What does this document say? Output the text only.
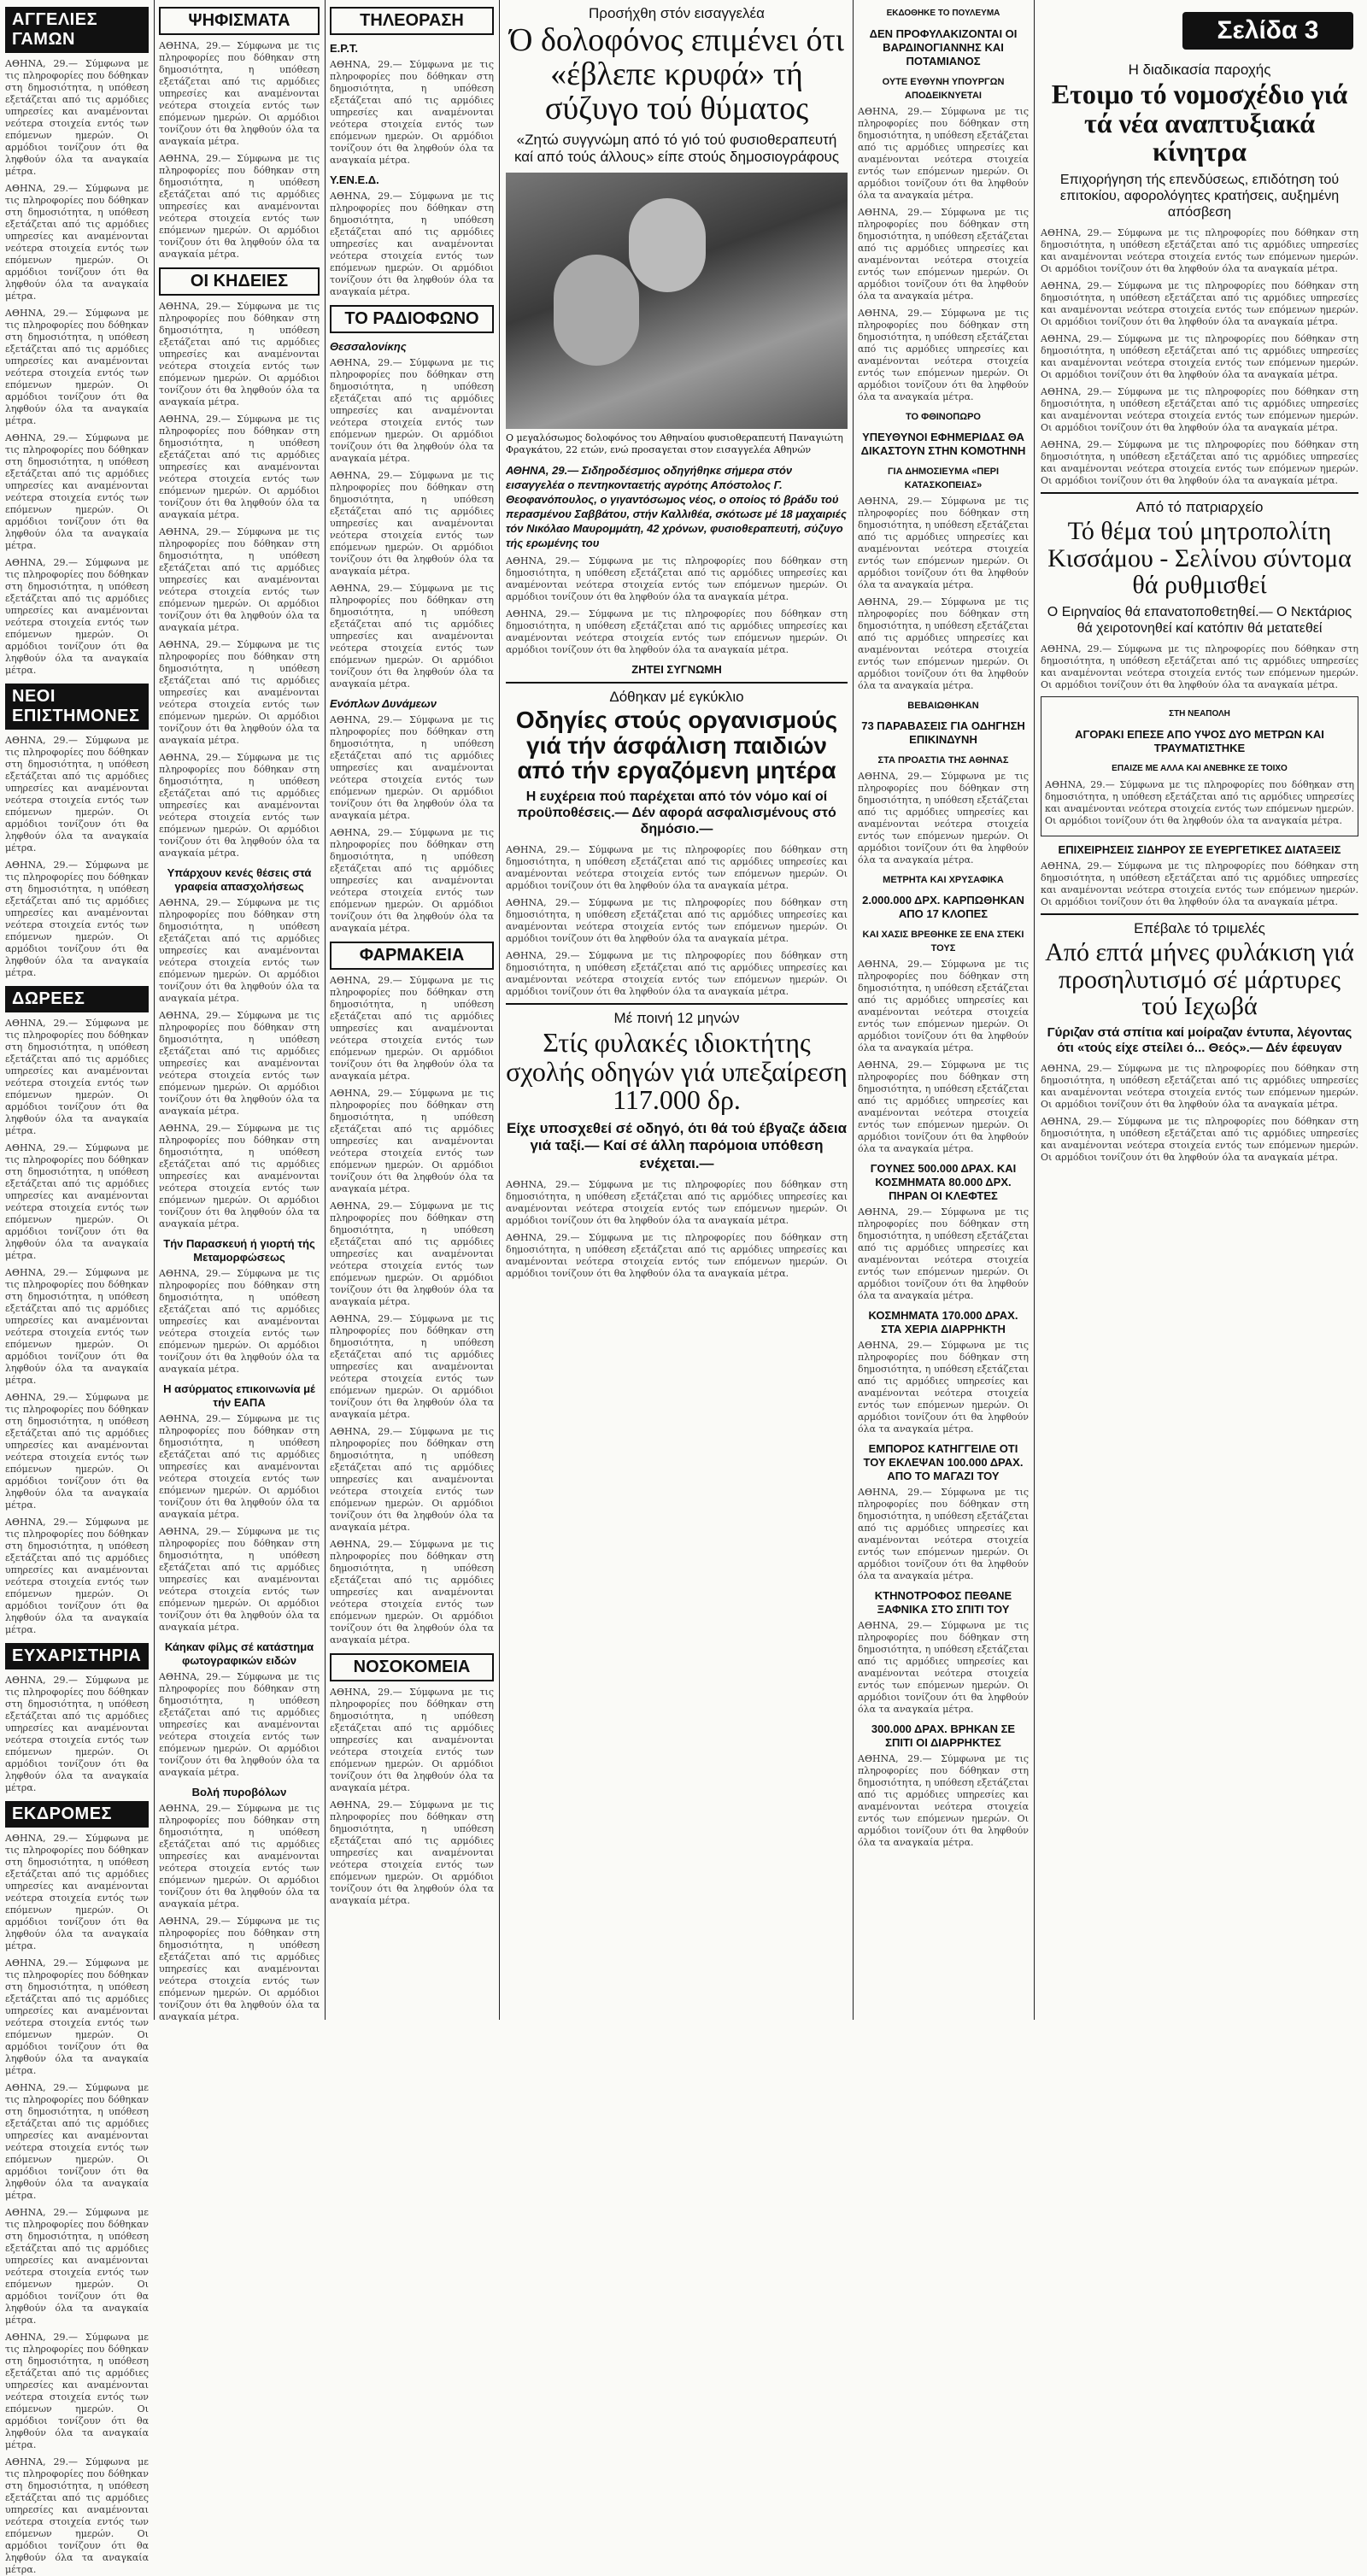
ΑΓΓΕΛΙΕΣ ΓΑΜΩΝ

ΑΘΗΝΑ, 29.— Σύμφωνα με τις πληροφορίες που δόθηκαν στη δημοσιότητα, η υπόθεση εξετάζεται από τις αρμόδιες υπηρεσίες και αναμένονται νεότερα στοιχεία εντός των επόμενων ημερών. Οι αρμόδιοι τονίζουν ότι θα ληφθούν όλα τα αναγκαία μέτρα.

ΑΘΗΝΑ, 29.— Σύμφωνα με τις πληροφορίες που δόθηκαν στη δημοσιότητα, η υπόθεση εξετάζεται από τις αρμόδιες υπηρεσίες και αναμένονται νεότερα στοιχεία εντός των επόμενων ημερών. Οι αρμόδιοι τονίζουν ότι θα ληφθούν όλα τα αναγκαία μέτρα.

ΑΘΗΝΑ, 29.— Σύμφωνα με τις πληροφορίες που δόθηκαν στη δημοσιότητα, η υπόθεση εξετάζεται από τις αρμόδιες υπηρεσίες και αναμένονται νεότερα στοιχεία εντός των επόμενων ημερών. Οι αρμόδιοι τονίζουν ότι θα ληφθούν όλα τα αναγκαία μέτρα.

ΑΘΗΝΑ, 29.— Σύμφωνα με τις πληροφορίες που δόθηκαν στη δημοσιότητα, η υπόθεση εξετάζεται από τις αρμόδιες υπηρεσίες και αναμένονται νεότερα στοιχεία εντός των επόμενων ημερών. Οι αρμόδιοι τονίζουν ότι θα ληφθούν όλα τα αναγκαία μέτρα.

ΑΘΗΝΑ, 29.— Σύμφωνα με τις πληροφορίες που δόθηκαν στη δημοσιότητα, η υπόθεση εξετάζεται από τις αρμόδιες υπηρεσίες και αναμένονται νεότερα στοιχεία εντός των επόμενων ημερών. Οι αρμόδιοι τονίζουν ότι θα ληφθούν όλα τα αναγκαία μέτρα.

ΝΕΟΙ ΕΠΙΣΤΗΜΟΝΕΣ

ΑΘΗΝΑ, 29.— Σύμφωνα με τις πληροφορίες που δόθηκαν στη δημοσιότητα, η υπόθεση εξετάζεται από τις αρμόδιες υπηρεσίες και αναμένονται νεότερα στοιχεία εντός των επόμενων ημερών. Οι αρμόδιοι τονίζουν ότι θα ληφθούν όλα τα αναγκαία μέτρα.

ΑΘΗΝΑ, 29.— Σύμφωνα με τις πληροφορίες που δόθηκαν στη δημοσιότητα, η υπόθεση εξετάζεται από τις αρμόδιες υπηρεσίες και αναμένονται νεότερα στοιχεία εντός των επόμενων ημερών. Οι αρμόδιοι τονίζουν ότι θα ληφθούν όλα τα αναγκαία μέτρα.

ΔΩΡΕΕΣ

ΑΘΗΝΑ, 29.— Σύμφωνα με τις πληροφορίες που δόθηκαν στη δημοσιότητα, η υπόθεση εξετάζεται από τις αρμόδιες υπηρεσίες και αναμένονται νεότερα στοιχεία εντός των επόμενων ημερών. Οι αρμόδιοι τονίζουν ότι θα ληφθούν όλα τα αναγκαία μέτρα.

ΑΘΗΝΑ, 29.— Σύμφωνα με τις πληροφορίες που δόθηκαν στη δημοσιότητα, η υπόθεση εξετάζεται από τις αρμόδιες υπηρεσίες και αναμένονται νεότερα στοιχεία εντός των επόμενων ημερών. Οι αρμόδιοι τονίζουν ότι θα ληφθούν όλα τα αναγκαία μέτρα.

ΑΘΗΝΑ, 29.— Σύμφωνα με τις πληροφορίες που δόθηκαν στη δημοσιότητα, η υπόθεση εξετάζεται από τις αρμόδιες υπηρεσίες και αναμένονται νεότερα στοιχεία εντός των επόμενων ημερών. Οι αρμόδιοι τονίζουν ότι θα ληφθούν όλα τα αναγκαία μέτρα.

ΑΘΗΝΑ, 29.— Σύμφωνα με τις πληροφορίες που δόθηκαν στη δημοσιότητα, η υπόθεση εξετάζεται από τις αρμόδιες υπηρεσίες και αναμένονται νεότερα στοιχεία εντός των επόμενων ημερών. Οι αρμόδιοι τονίζουν ότι θα ληφθούν όλα τα αναγκαία μέτρα.

ΑΘΗΝΑ, 29.— Σύμφωνα με τις πληροφορίες που δόθηκαν στη δημοσιότητα, η υπόθεση εξετάζεται από τις αρμόδιες υπηρεσίες και αναμένονται νεότερα στοιχεία εντός των επόμενων ημερών. Οι αρμόδιοι τονίζουν ότι θα ληφθούν όλα τα αναγκαία μέτρα.

ΕΥΧΑΡΙΣΤΗΡΙΑ

ΑΘΗΝΑ, 29.— Σύμφωνα με τις πληροφορίες που δόθηκαν στη δημοσιότητα, η υπόθεση εξετάζεται από τις αρμόδιες υπηρεσίες και αναμένονται νεότερα στοιχεία εντός των επόμενων ημερών. Οι αρμόδιοι τονίζουν ότι θα ληφθούν όλα τα αναγκαία μέτρα.

ΕΚΔΡΟΜΕΣ

ΑΘΗΝΑ, 29.— Σύμφωνα με τις πληροφορίες που δόθηκαν στη δημοσιότητα, η υπόθεση εξετάζεται από τις αρμόδιες υπηρεσίες και αναμένονται νεότερα στοιχεία εντός των επόμενων ημερών. Οι αρμόδιοι τονίζουν ότι θα ληφθούν όλα τα αναγκαία μέτρα.

ΑΘΗΝΑ, 29.— Σύμφωνα με τις πληροφορίες που δόθηκαν στη δημοσιότητα, η υπόθεση εξετάζεται από τις αρμόδιες υπηρεσίες και αναμένονται νεότερα στοιχεία εντός των επόμενων ημερών. Οι αρμόδιοι τονίζουν ότι θα ληφθούν όλα τα αναγκαία μέτρα.

ΑΘΗΝΑ, 29.— Σύμφωνα με τις πληροφορίες που δόθηκαν στη δημοσιότητα, η υπόθεση εξετάζεται από τις αρμόδιες υπηρεσίες και αναμένονται νεότερα στοιχεία εντός των επόμενων ημερών. Οι αρμόδιοι τονίζουν ότι θα ληφθούν όλα τα αναγκαία μέτρα.

ΑΘΗΝΑ, 29.— Σύμφωνα με τις πληροφορίες που δόθηκαν στη δημοσιότητα, η υπόθεση εξετάζεται από τις αρμόδιες υπηρεσίες και αναμένονται νεότερα στοιχεία εντός των επόμενων ημερών. Οι αρμόδιοι τονίζουν ότι θα ληφθούν όλα τα αναγκαία μέτρα.

ΑΘΗΝΑ, 29.— Σύμφωνα με τις πληροφορίες που δόθηκαν στη δημοσιότητα, η υπόθεση εξετάζεται από τις αρμόδιες υπηρεσίες και αναμένονται νεότερα στοιχεία εντός των επόμενων ημερών. Οι αρμόδιοι τονίζουν ότι θα ληφθούν όλα τα αναγκαία μέτρα.

ΑΘΗΝΑ, 29.— Σύμφωνα με τις πληροφορίες που δόθηκαν στη δημοσιότητα, η υπόθεση εξετάζεται από τις αρμόδιες υπηρεσίες και αναμένονται νεότερα στοιχεία εντός των επόμενων ημερών. Οι αρμόδιοι τονίζουν ότι θα ληφθούν όλα τα αναγκαία μέτρα.

ΨΗΦΙΣΜΑΤΑ

ΑΘΗΝΑ, 29.— Σύμφωνα με τις πληροφορίες που δόθηκαν στη δημοσιότητα, η υπόθεση εξετάζεται από τις αρμόδιες υπηρεσίες και αναμένονται νεότερα στοιχεία εντός των επόμενων ημερών. Οι αρμόδιοι τονίζουν ότι θα ληφθούν όλα τα αναγκαία μέτρα.

ΑΘΗΝΑ, 29.— Σύμφωνα με τις πληροφορίες που δόθηκαν στη δημοσιότητα, η υπόθεση εξετάζεται από τις αρμόδιες υπηρεσίες και αναμένονται νεότερα στοιχεία εντός των επόμενων ημερών. Οι αρμόδιοι τονίζουν ότι θα ληφθούν όλα τα αναγκαία μέτρα.

ΟΙ ΚΗΔΕΙΕΣ

ΑΘΗΝΑ, 29.— Σύμφωνα με τις πληροφορίες που δόθηκαν στη δημοσιότητα, η υπόθεση εξετάζεται από τις αρμόδιες υπηρεσίες και αναμένονται νεότερα στοιχεία εντός των επόμενων ημερών. Οι αρμόδιοι τονίζουν ότι θα ληφθούν όλα τα αναγκαία μέτρα.

ΑΘΗΝΑ, 29.— Σύμφωνα με τις πληροφορίες που δόθηκαν στη δημοσιότητα, η υπόθεση εξετάζεται από τις αρμόδιες υπηρεσίες και αναμένονται νεότερα στοιχεία εντός των επόμενων ημερών. Οι αρμόδιοι τονίζουν ότι θα ληφθούν όλα τα αναγκαία μέτρα.

ΑΘΗΝΑ, 29.— Σύμφωνα με τις πληροφορίες που δόθηκαν στη δημοσιότητα, η υπόθεση εξετάζεται από τις αρμόδιες υπηρεσίες και αναμένονται νεότερα στοιχεία εντός των επόμενων ημερών. Οι αρμόδιοι τονίζουν ότι θα ληφθούν όλα τα αναγκαία μέτρα.

ΑΘΗΝΑ, 29.— Σύμφωνα με τις πληροφορίες που δόθηκαν στη δημοσιότητα, η υπόθεση εξετάζεται από τις αρμόδιες υπηρεσίες και αναμένονται νεότερα στοιχεία εντός των επόμενων ημερών. Οι αρμόδιοι τονίζουν ότι θα ληφθούν όλα τα αναγκαία μέτρα.

ΑΘΗΝΑ, 29.— Σύμφωνα με τις πληροφορίες που δόθηκαν στη δημοσιότητα, η υπόθεση εξετάζεται από τις αρμόδιες υπηρεσίες και αναμένονται νεότερα στοιχεία εντός των επόμενων ημερών. Οι αρμόδιοι τονίζουν ότι θα ληφθούν όλα τα αναγκαία μέτρα.

Υπάρχουν κενές θέσεις στά γραφεία απασχολήσεως

ΑΘΗΝΑ, 29.— Σύμφωνα με τις πληροφορίες που δόθηκαν στη δημοσιότητα, η υπόθεση εξετάζεται από τις αρμόδιες υπηρεσίες και αναμένονται νεότερα στοιχεία εντός των επόμενων ημερών. Οι αρμόδιοι τονίζουν ότι θα ληφθούν όλα τα αναγκαία μέτρα.

ΑΘΗΝΑ, 29.— Σύμφωνα με τις πληροφορίες που δόθηκαν στη δημοσιότητα, η υπόθεση εξετάζεται από τις αρμόδιες υπηρεσίες και αναμένονται νεότερα στοιχεία εντός των επόμενων ημερών. Οι αρμόδιοι τονίζουν ότι θα ληφθούν όλα τα αναγκαία μέτρα.

ΑΘΗΝΑ, 29.— Σύμφωνα με τις πληροφορίες που δόθηκαν στη δημοσιότητα, η υπόθεση εξετάζεται από τις αρμόδιες υπηρεσίες και αναμένονται νεότερα στοιχεία εντός των επόμενων ημερών. Οι αρμόδιοι τονίζουν ότι θα ληφθούν όλα τα αναγκαία μέτρα.

Τήν Παρασκευή ή γιορτή τής Μεταμορφώσεως

ΑΘΗΝΑ, 29.— Σύμφωνα με τις πληροφορίες που δόθηκαν στη δημοσιότητα, η υπόθεση εξετάζεται από τις αρμόδιες υπηρεσίες και αναμένονται νεότερα στοιχεία εντός των επόμενων ημερών. Οι αρμόδιοι τονίζουν ότι θα ληφθούν όλα τα αναγκαία μέτρα.

Η ασύρματος επικοινωνία μέ τήν ΕΑΠΑ

ΑΘΗΝΑ, 29.— Σύμφωνα με τις πληροφορίες που δόθηκαν στη δημοσιότητα, η υπόθεση εξετάζεται από τις αρμόδιες υπηρεσίες και αναμένονται νεότερα στοιχεία εντός των επόμενων ημερών. Οι αρμόδιοι τονίζουν ότι θα ληφθούν όλα τα αναγκαία μέτρα.

ΑΘΗΝΑ, 29.— Σύμφωνα με τις πληροφορίες που δόθηκαν στη δημοσιότητα, η υπόθεση εξετάζεται από τις αρμόδιες υπηρεσίες και αναμένονται νεότερα στοιχεία εντός των επόμενων ημερών. Οι αρμόδιοι τονίζουν ότι θα ληφθούν όλα τα αναγκαία μέτρα.

Κάηκαν φίλμς σέ κατάστημα φωτογραφικών ειδών

ΑΘΗΝΑ, 29.— Σύμφωνα με τις πληροφορίες που δόθηκαν στη δημοσιότητα, η υπόθεση εξετάζεται από τις αρμόδιες υπηρεσίες και αναμένονται νεότερα στοιχεία εντός των επόμενων ημερών. Οι αρμόδιοι τονίζουν ότι θα ληφθούν όλα τα αναγκαία μέτρα.

Βολή πυροβόλων

ΑΘΗΝΑ, 29.— Σύμφωνα με τις πληροφορίες που δόθηκαν στη δημοσιότητα, η υπόθεση εξετάζεται από τις αρμόδιες υπηρεσίες και αναμένονται νεότερα στοιχεία εντός των επόμενων ημερών. Οι αρμόδιοι τονίζουν ότι θα ληφθούν όλα τα αναγκαία μέτρα.

ΑΘΗΝΑ, 29.— Σύμφωνα με τις πληροφορίες που δόθηκαν στη δημοσιότητα, η υπόθεση εξετάζεται από τις αρμόδιες υπηρεσίες και αναμένονται νεότερα στοιχεία εντός των επόμενων ημερών. Οι αρμόδιοι τονίζουν ότι θα ληφθούν όλα τα αναγκαία μέτρα.

ΤΗΛΕΟΡΑΣΗ
Ε.Ρ.Τ.

ΑΘΗΝΑ, 29.— Σύμφωνα με τις πληροφορίες που δόθηκαν στη δημοσιότητα, η υπόθεση εξετάζεται από τις αρμόδιες υπηρεσίες και αναμένονται νεότερα στοιχεία εντός των επόμενων ημερών. Οι αρμόδιοι τονίζουν ότι θα ληφθούν όλα τα αναγκαία μέτρα.

Υ.ΕΝ.Ε.Δ.

ΑΘΗΝΑ, 29.— Σύμφωνα με τις πληροφορίες που δόθηκαν στη δημοσιότητα, η υπόθεση εξετάζεται από τις αρμόδιες υπηρεσίες και αναμένονται νεότερα στοιχεία εντός των επόμενων ημερών. Οι αρμόδιοι τονίζουν ότι θα ληφθούν όλα τα αναγκαία μέτρα.

ΤΟ ΡΑΔΙΟΦΩΝΟ
Θεσσαλονίκης

ΑΘΗΝΑ, 29.— Σύμφωνα με τις πληροφορίες που δόθηκαν στη δημοσιότητα, η υπόθεση εξετάζεται από τις αρμόδιες υπηρεσίες και αναμένονται νεότερα στοιχεία εντός των επόμενων ημερών. Οι αρμόδιοι τονίζουν ότι θα ληφθούν όλα τα αναγκαία μέτρα.

ΑΘΗΝΑ, 29.— Σύμφωνα με τις πληροφορίες που δόθηκαν στη δημοσιότητα, η υπόθεση εξετάζεται από τις αρμόδιες υπηρεσίες και αναμένονται νεότερα στοιχεία εντός των επόμενων ημερών. Οι αρμόδιοι τονίζουν ότι θα ληφθούν όλα τα αναγκαία μέτρα.

ΑΘΗΝΑ, 29.— Σύμφωνα με τις πληροφορίες που δόθηκαν στη δημοσιότητα, η υπόθεση εξετάζεται από τις αρμόδιες υπηρεσίες και αναμένονται νεότερα στοιχεία εντός των επόμενων ημερών. Οι αρμόδιοι τονίζουν ότι θα ληφθούν όλα τα αναγκαία μέτρα.

Ενόπλων Δυνάμεων

ΑΘΗΝΑ, 29.— Σύμφωνα με τις πληροφορίες που δόθηκαν στη δημοσιότητα, η υπόθεση εξετάζεται από τις αρμόδιες υπηρεσίες και αναμένονται νεότερα στοιχεία εντός των επόμενων ημερών. Οι αρμόδιοι τονίζουν ότι θα ληφθούν όλα τα αναγκαία μέτρα.

ΑΘΗΝΑ, 29.— Σύμφωνα με τις πληροφορίες που δόθηκαν στη δημοσιότητα, η υπόθεση εξετάζεται από τις αρμόδιες υπηρεσίες και αναμένονται νεότερα στοιχεία εντός των επόμενων ημερών. Οι αρμόδιοι τονίζουν ότι θα ληφθούν όλα τα αναγκαία μέτρα.

ΦΑΡΜΑΚΕΙΑ

ΑΘΗΝΑ, 29.— Σύμφωνα με τις πληροφορίες που δόθηκαν στη δημοσιότητα, η υπόθεση εξετάζεται από τις αρμόδιες υπηρεσίες και αναμένονται νεότερα στοιχεία εντός των επόμενων ημερών. Οι αρμόδιοι τονίζουν ότι θα ληφθούν όλα τα αναγκαία μέτρα.

ΑΘΗΝΑ, 29.— Σύμφωνα με τις πληροφορίες που δόθηκαν στη δημοσιότητα, η υπόθεση εξετάζεται από τις αρμόδιες υπηρεσίες και αναμένονται νεότερα στοιχεία εντός των επόμενων ημερών. Οι αρμόδιοι τονίζουν ότι θα ληφθούν όλα τα αναγκαία μέτρα.

ΑΘΗΝΑ, 29.— Σύμφωνα με τις πληροφορίες που δόθηκαν στη δημοσιότητα, η υπόθεση εξετάζεται από τις αρμόδιες υπηρεσίες και αναμένονται νεότερα στοιχεία εντός των επόμενων ημερών. Οι αρμόδιοι τονίζουν ότι θα ληφθούν όλα τα αναγκαία μέτρα.

ΑΘΗΝΑ, 29.— Σύμφωνα με τις πληροφορίες που δόθηκαν στη δημοσιότητα, η υπόθεση εξετάζεται από τις αρμόδιες υπηρεσίες και αναμένονται νεότερα στοιχεία εντός των επόμενων ημερών. Οι αρμόδιοι τονίζουν ότι θα ληφθούν όλα τα αναγκαία μέτρα.

ΑΘΗΝΑ, 29.— Σύμφωνα με τις πληροφορίες που δόθηκαν στη δημοσιότητα, η υπόθεση εξετάζεται από τις αρμόδιες υπηρεσίες και αναμένονται νεότερα στοιχεία εντός των επόμενων ημερών. Οι αρμόδιοι τονίζουν ότι θα ληφθούν όλα τα αναγκαία μέτρα.

ΑΘΗΝΑ, 29.— Σύμφωνα με τις πληροφορίες που δόθηκαν στη δημοσιότητα, η υπόθεση εξετάζεται από τις αρμόδιες υπηρεσίες και αναμένονται νεότερα στοιχεία εντός των επόμενων ημερών. Οι αρμόδιοι τονίζουν ότι θα ληφθούν όλα τα αναγκαία μέτρα.

ΝΟΣΟΚΟΜΕΙΑ

ΑΘΗΝΑ, 29.— Σύμφωνα με τις πληροφορίες που δόθηκαν στη δημοσιότητα, η υπόθεση εξετάζεται από τις αρμόδιες υπηρεσίες και αναμένονται νεότερα στοιχεία εντός των επόμενων ημερών. Οι αρμόδιοι τονίζουν ότι θα ληφθούν όλα τα αναγκαία μέτρα.

ΑΘΗΝΑ, 29.— Σύμφωνα με τις πληροφορίες που δόθηκαν στη δημοσιότητα, η υπόθεση εξετάζεται από τις αρμόδιες υπηρεσίες και αναμένονται νεότερα στοιχεία εντός των επόμενων ημερών. Οι αρμόδιοι τονίζουν ότι θα ληφθούν όλα τα αναγκαία μέτρα.

Προσήχθη στόν εισαγγελέα
Ό δολοφόνος επιμένει ότι «έβλεπε κρυφά» τή σύζυγο τού θύματος
«Ζητώ συγγνώμη από τό γιό τού φυσιοθεραπευτή καί από τούς άλλους» είπε στούς δημοσιογράφους
Ο μεγαλόσωμος δολοφόνος του Αθηναίου φυσιοθεραπευτή Παναγιώτη Φραγκάτου, 22 ετών, ενώ προσαγεται στον εισαγγελέα Αθηνών
ΑΘΗΝΑ, 29.— Σιδηροδέσμιος οδηγήθηκε σήμερα στόν εισαγγελέα ο πεντηκονταετής αγρότης Απόστολος Γ. Θεοφανόπουλος, ο γιγαντόσωμος νέος, ο οποίος τό βράδυ τού περασμένου Σαββάτου, στήν Καλλιθέα, σκότωσε μέ 18 μαχαιριές τόν Νικόλαο Μαυρομμάτη, 42 χρόνων, φυσιοθεραπευτή, σύζυγο τής ερωμένης του

ΑΘΗΝΑ, 29.— Σύμφωνα με τις πληροφορίες που δόθηκαν στη δημοσιότητα, η υπόθεση εξετάζεται από τις αρμόδιες υπηρεσίες και αναμένονται νεότερα στοιχεία εντός των επόμενων ημερών. Οι αρμόδιοι τονίζουν ότι θα ληφθούν όλα τα αναγκαία μέτρα.

ΑΘΗΝΑ, 29.— Σύμφωνα με τις πληροφορίες που δόθηκαν στη δημοσιότητα, η υπόθεση εξετάζεται από τις αρμόδιες υπηρεσίες και αναμένονται νεότερα στοιχεία εντός των επόμενων ημερών. Οι αρμόδιοι τονίζουν ότι θα ληφθούν όλα τα αναγκαία μέτρα.

ΖΗΤΕΙ ΣΥΓΝΩΜΗ
Δόθηκαν μέ εγκύκλιο
Οδηγίες στούς οργανισμούς γιά τήν άσφάλιση παιδιών από τήν εργαζόμενη μητέρα
Η ευχέρεια πού παρέχεται από τόν νόμο καί οί προϋποθέσεις.— Δέν αφορά ασφαλισμένους στό δημόσιο.—

ΑΘΗΝΑ, 29.— Σύμφωνα με τις πληροφορίες που δόθηκαν στη δημοσιότητα, η υπόθεση εξετάζεται από τις αρμόδιες υπηρεσίες και αναμένονται νεότερα στοιχεία εντός των επόμενων ημερών. Οι αρμόδιοι τονίζουν ότι θα ληφθούν όλα τα αναγκαία μέτρα.

ΑΘΗΝΑ, 29.— Σύμφωνα με τις πληροφορίες που δόθηκαν στη δημοσιότητα, η υπόθεση εξετάζεται από τις αρμόδιες υπηρεσίες και αναμένονται νεότερα στοιχεία εντός των επόμενων ημερών. Οι αρμόδιοι τονίζουν ότι θα ληφθούν όλα τα αναγκαία μέτρα.

ΑΘΗΝΑ, 29.— Σύμφωνα με τις πληροφορίες που δόθηκαν στη δημοσιότητα, η υπόθεση εξετάζεται από τις αρμόδιες υπηρεσίες και αναμένονται νεότερα στοιχεία εντός των επόμενων ημερών. Οι αρμόδιοι τονίζουν ότι θα ληφθούν όλα τα αναγκαία μέτρα.

Μέ ποινή 12 μηνών
Στίς φυλακές ιδιοκτήτης σχολής οδηγών γιά υπεξαίρεση 117.000 δρ.
Είχε υποσχεθεί σέ οδηγό, ότι θά τού έβγαζε άδεια γιά ταξί.— Καί σέ άλλη παρόμοια υπόθεση ενέχεται.—

ΑΘΗΝΑ, 29.— Σύμφωνα με τις πληροφορίες που δόθηκαν στη δημοσιότητα, η υπόθεση εξετάζεται από τις αρμόδιες υπηρεσίες και αναμένονται νεότερα στοιχεία εντός των επόμενων ημερών. Οι αρμόδιοι τονίζουν ότι θα ληφθούν όλα τα αναγκαία μέτρα.

ΑΘΗΝΑ, 29.— Σύμφωνα με τις πληροφορίες που δόθηκαν στη δημοσιότητα, η υπόθεση εξετάζεται από τις αρμόδιες υπηρεσίες και αναμένονται νεότερα στοιχεία εντός των επόμενων ημερών. Οι αρμόδιοι τονίζουν ότι θα ληφθούν όλα τα αναγκαία μέτρα.

ΕΚΔΟΘΗΚΕ ΤΟ ΠΟΥΛΕΥΜΑ
ΔΕΝ ΠΡΟΦΥΛΑΚΙΖΟΝΤΑΙ ΟΙ ΒΑΡΔΙΝΟΓΙΑΝΝΗΣ ΚΑΙ ΠΟΤΑΜΙΑΝΟΣ
ΟΥΤΕ ΕΥΘΥΝΗ ΥΠΟΥΡΓΩΝ ΑΠΟΔΕΙΚΝΥΕΤΑΙ

ΑΘΗΝΑ, 29.— Σύμφωνα με τις πληροφορίες που δόθηκαν στη δημοσιότητα, η υπόθεση εξετάζεται από τις αρμόδιες υπηρεσίες και αναμένονται νεότερα στοιχεία εντός των επόμενων ημερών. Οι αρμόδιοι τονίζουν ότι θα ληφθούν όλα τα αναγκαία μέτρα.

ΑΘΗΝΑ, 29.— Σύμφωνα με τις πληροφορίες που δόθηκαν στη δημοσιότητα, η υπόθεση εξετάζεται από τις αρμόδιες υπηρεσίες και αναμένονται νεότερα στοιχεία εντός των επόμενων ημερών. Οι αρμόδιοι τονίζουν ότι θα ληφθούν όλα τα αναγκαία μέτρα.

ΑΘΗΝΑ, 29.— Σύμφωνα με τις πληροφορίες που δόθηκαν στη δημοσιότητα, η υπόθεση εξετάζεται από τις αρμόδιες υπηρεσίες και αναμένονται νεότερα στοιχεία εντός των επόμενων ημερών. Οι αρμόδιοι τονίζουν ότι θα ληφθούν όλα τα αναγκαία μέτρα.

ΤΟ ΦΘΙΝΟΠΩΡΟ
ΥΠΕΥΘΥΝΟΙ ΕΦΗΜΕΡΙΔΑΣ ΘΑ ΔΙΚΑΣΤΟΥΝ ΣΤΗΝ ΚΟΜΟΤΗΝΗ
ΓΙΑ ΔΗΜΟΣΙΕΥΜΑ «ΠΕΡΙ ΚΑΤΑΣΚΟΠΕΙΑΣ»

ΑΘΗΝΑ, 29.— Σύμφωνα με τις πληροφορίες που δόθηκαν στη δημοσιότητα, η υπόθεση εξετάζεται από τις αρμόδιες υπηρεσίες και αναμένονται νεότερα στοιχεία εντός των επόμενων ημερών. Οι αρμόδιοι τονίζουν ότι θα ληφθούν όλα τα αναγκαία μέτρα.

ΑΘΗΝΑ, 29.— Σύμφωνα με τις πληροφορίες που δόθηκαν στη δημοσιότητα, η υπόθεση εξετάζεται από τις αρμόδιες υπηρεσίες και αναμένονται νεότερα στοιχεία εντός των επόμενων ημερών. Οι αρμόδιοι τονίζουν ότι θα ληφθούν όλα τα αναγκαία μέτρα.

ΒΕΒΑΙΩΘΗΚΑΝ
73 ΠΑΡΑΒΑΣΕΙΣ ΓΙΑ ΟΔΗΓΗΣΗ ΕΠΙΚΙΝΔΥΝΗ
ΣΤΑ ΠΡΟΑΣΤΙΑ ΤΗΣ ΑΘΗΝΑΣ

ΑΘΗΝΑ, 29.— Σύμφωνα με τις πληροφορίες που δόθηκαν στη δημοσιότητα, η υπόθεση εξετάζεται από τις αρμόδιες υπηρεσίες και αναμένονται νεότερα στοιχεία εντός των επόμενων ημερών. Οι αρμόδιοι τονίζουν ότι θα ληφθούν όλα τα αναγκαία μέτρα.

ΜΕΤΡΗΤΑ ΚΑΙ ΧΡΥΣΑΦΙΚΑ
2.000.000 ΔΡΧ. ΚΑΡΠΩΘΗΚΑΝ ΑΠΟ 17 ΚΛΟΠΕΣ
ΚΑΙ ΧΑΣΙΣ ΒΡΕΘΗΚΕ ΣΕ ΕΝΑ ΣΤΕΚΙ ΤΟΥΣ

ΑΘΗΝΑ, 29.— Σύμφωνα με τις πληροφορίες που δόθηκαν στη δημοσιότητα, η υπόθεση εξετάζεται από τις αρμόδιες υπηρεσίες και αναμένονται νεότερα στοιχεία εντός των επόμενων ημερών. Οι αρμόδιοι τονίζουν ότι θα ληφθούν όλα τα αναγκαία μέτρα.

ΑΘΗΝΑ, 29.— Σύμφωνα με τις πληροφορίες που δόθηκαν στη δημοσιότητα, η υπόθεση εξετάζεται από τις αρμόδιες υπηρεσίες και αναμένονται νεότερα στοιχεία εντός των επόμενων ημερών. Οι αρμόδιοι τονίζουν ότι θα ληφθούν όλα τα αναγκαία μέτρα.

ΓΟΥΝΕΣ 500.000 ΔΡΑΧ. ΚΑΙ ΚΟΣΜΗΜΑΤΑ 80.000 ΔΡΧ. ΠΗΡΑΝ ΟΙ ΚΛΕΦΤΕΣ

ΑΘΗΝΑ, 29.— Σύμφωνα με τις πληροφορίες που δόθηκαν στη δημοσιότητα, η υπόθεση εξετάζεται από τις αρμόδιες υπηρεσίες και αναμένονται νεότερα στοιχεία εντός των επόμενων ημερών. Οι αρμόδιοι τονίζουν ότι θα ληφθούν όλα τα αναγκαία μέτρα.

ΚΟΣΜΗΜΑΤΑ 170.000 ΔΡΑΧ. ΣΤΑ ΧΕΡΙΑ ΔΙΑΡΡΗΚΤΗ

ΑΘΗΝΑ, 29.— Σύμφωνα με τις πληροφορίες που δόθηκαν στη δημοσιότητα, η υπόθεση εξετάζεται από τις αρμόδιες υπηρεσίες και αναμένονται νεότερα στοιχεία εντός των επόμενων ημερών. Οι αρμόδιοι τονίζουν ότι θα ληφθούν όλα τα αναγκαία μέτρα.

ΕΜΠΟΡΟΣ ΚΑΤΗΓΓΕΙΛΕ ΟΤΙ ΤΟΥ ΕΚΛΕΨΑΝ 100.000 ΔΡΑΧ. ΑΠΟ ΤΟ ΜΑΓΑΖΙ ΤΟΥ

ΑΘΗΝΑ, 29.— Σύμφωνα με τις πληροφορίες που δόθηκαν στη δημοσιότητα, η υπόθεση εξετάζεται από τις αρμόδιες υπηρεσίες και αναμένονται νεότερα στοιχεία εντός των επόμενων ημερών. Οι αρμόδιοι τονίζουν ότι θα ληφθούν όλα τα αναγκαία μέτρα.

ΚΤΗΝΟΤΡΟΦΟΣ ΠΕΘΑΝΕ ΞΑΦΝΙΚΑ ΣΤΟ ΣΠΙΤΙ ΤΟΥ

ΑΘΗΝΑ, 29.— Σύμφωνα με τις πληροφορίες που δόθηκαν στη δημοσιότητα, η υπόθεση εξετάζεται από τις αρμόδιες υπηρεσίες και αναμένονται νεότερα στοιχεία εντός των επόμενων ημερών. Οι αρμόδιοι τονίζουν ότι θα ληφθούν όλα τα αναγκαία μέτρα.

300.000 ΔΡΑΧ. ΒΡΗΚΑΝ ΣΕ ΣΠΙΤΙ ΟΙ ΔΙΑΡΡΗΚΤΕΣ

ΑΘΗΝΑ, 29.— Σύμφωνα με τις πληροφορίες που δόθηκαν στη δημοσιότητα, η υπόθεση εξετάζεται από τις αρμόδιες υπηρεσίες και αναμένονται νεότερα στοιχεία εντός των επόμενων ημερών. Οι αρμόδιοι τονίζουν ότι θα ληφθούν όλα τα αναγκαία μέτρα.

Σελίδα 3
Η διαδικασία παροχής
Ετοιμο τό νομοσχέδιο γιά τά νέα αναπτυξιακά κίνητρα
Επιχορήγηση τής επενδύσεως, επιδότηση τού επιτοκίου, αφορολόγητες κρατήσεις, αυξημένη απόσβεση

ΑΘΗΝΑ, 29.— Σύμφωνα με τις πληροφορίες που δόθηκαν στη δημοσιότητα, η υπόθεση εξετάζεται από τις αρμόδιες υπηρεσίες και αναμένονται νεότερα στοιχεία εντός των επόμενων ημερών. Οι αρμόδιοι τονίζουν ότι θα ληφθούν όλα τα αναγκαία μέτρα.

ΑΘΗΝΑ, 29.— Σύμφωνα με τις πληροφορίες που δόθηκαν στη δημοσιότητα, η υπόθεση εξετάζεται από τις αρμόδιες υπηρεσίες και αναμένονται νεότερα στοιχεία εντός των επόμενων ημερών. Οι αρμόδιοι τονίζουν ότι θα ληφθούν όλα τα αναγκαία μέτρα.

ΑΘΗΝΑ, 29.— Σύμφωνα με τις πληροφορίες που δόθηκαν στη δημοσιότητα, η υπόθεση εξετάζεται από τις αρμόδιες υπηρεσίες και αναμένονται νεότερα στοιχεία εντός των επόμενων ημερών. Οι αρμόδιοι τονίζουν ότι θα ληφθούν όλα τα αναγκαία μέτρα.

ΑΘΗΝΑ, 29.— Σύμφωνα με τις πληροφορίες που δόθηκαν στη δημοσιότητα, η υπόθεση εξετάζεται από τις αρμόδιες υπηρεσίες και αναμένονται νεότερα στοιχεία εντός των επόμενων ημερών. Οι αρμόδιοι τονίζουν ότι θα ληφθούν όλα τα αναγκαία μέτρα.

ΑΘΗΝΑ, 29.— Σύμφωνα με τις πληροφορίες που δόθηκαν στη δημοσιότητα, η υπόθεση εξετάζεται από τις αρμόδιες υπηρεσίες και αναμένονται νεότερα στοιχεία εντός των επόμενων ημερών. Οι αρμόδιοι τονίζουν ότι θα ληφθούν όλα τα αναγκαία μέτρα.

Από τό πατριαρχείο
Τό θέμα τού μητροπολίτη Κισσάμου - Σελίνου σύντομα θά ρυθμισθεί
Ο Ειρηναίος θά επανατοποθετηθεί.— Ο Νεκτάριος θά χειροτονηθεί καί κατόπιν θά μετατεθεί

ΑΘΗΝΑ, 29.— Σύμφωνα με τις πληροφορίες που δόθηκαν στη δημοσιότητα, η υπόθεση εξετάζεται από τις αρμόδιες υπηρεσίες και αναμένονται νεότερα στοιχεία εντός των επόμενων ημερών. Οι αρμόδιοι τονίζουν ότι θα ληφθούν όλα τα αναγκαία μέτρα.

ΣΤΗ ΝΕΑΠΟΛΗ
ΑΓΟΡΑΚΙ ΕΠΕΣΕ ΑΠΟ ΥΨΟΣ ΔΥΟ ΜΕΤΡΩΝ ΚΑΙ ΤΡΑΥΜΑΤΙΣΤΗΚΕ
ΕΠΑΙΖΕ ΜΕ ΑΛΛΑ ΚΑΙ ΑΝΕΒΗΚΕ ΣΕ ΤΟΙΧΟ

ΑΘΗΝΑ, 29.— Σύμφωνα με τις πληροφορίες που δόθηκαν στη δημοσιότητα, η υπόθεση εξετάζεται από τις αρμόδιες υπηρεσίες και αναμένονται νεότερα στοιχεία εντός των επόμενων ημερών. Οι αρμόδιοι τονίζουν ότι θα ληφθούν όλα τα αναγκαία μέτρα.

ΕΠΙΧΕΙΡΗΣΕΙΣ ΣΙΔΗΡΟΥ ΣΕ ΕΥΕΡΓΕΤΙΚΕΣ ΔΙΑΤΑΞΕΙΣ

ΑΘΗΝΑ, 29.— Σύμφωνα με τις πληροφορίες που δόθηκαν στη δημοσιότητα, η υπόθεση εξετάζεται από τις αρμόδιες υπηρεσίες και αναμένονται νεότερα στοιχεία εντός των επόμενων ημερών. Οι αρμόδιοι τονίζουν ότι θα ληφθούν όλα τα αναγκαία μέτρα.

Επέβαλε τό τριμελές
Από επτά μήνες φυλάκιση γιά προσηλυτισμό σέ μάρτυρες τού Ιεχωβά
Γύριζαν στά σπίτια καί μοίραζαν έντυπα, λέγοντας ότι «τούς είχε στείλει ό... Θεός».— Δέν έφευγαν

ΑΘΗΝΑ, 29.— Σύμφωνα με τις πληροφορίες που δόθηκαν στη δημοσιότητα, η υπόθεση εξετάζεται από τις αρμόδιες υπηρεσίες και αναμένονται νεότερα στοιχεία εντός των επόμενων ημερών. Οι αρμόδιοι τονίζουν ότι θα ληφθούν όλα τα αναγκαία μέτρα.

ΑΘΗΝΑ, 29.— Σύμφωνα με τις πληροφορίες που δόθηκαν στη δημοσιότητα, η υπόθεση εξετάζεται από τις αρμόδιες υπηρεσίες και αναμένονται νεότερα στοιχεία εντός των επόμενων ημερών. Οι αρμόδιοι τονίζουν ότι θα ληφθούν όλα τα αναγκαία μέτρα.
